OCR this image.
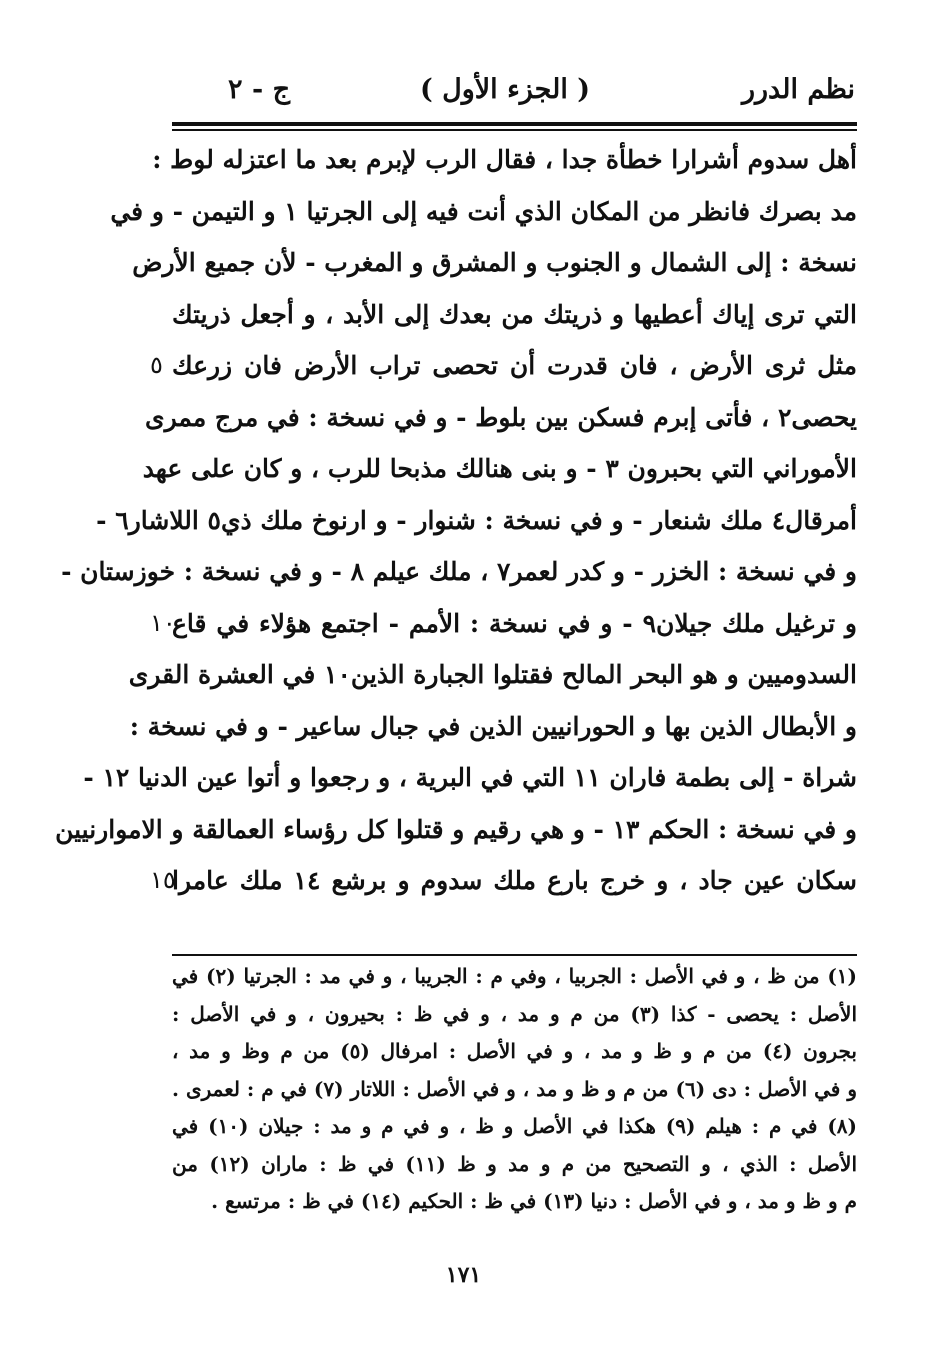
نظم الدرر
( الجزء الأول )
ج - ٢
أهل سدوم أشرارا خطأة جدا ، فقال الرب لإبرم بعد ما اعتزله لوط :
مد بصرك فانظر من المكان الذي أنت فيه إلى الجرتيا ١ و التيمن - و في
نسخة : إلى الشمال و الجنوب و المشرق و المغرب - لأن جميع الأرض
التي ترى إياك أعطيها و ذريتك من بعدك إلى الأبد ، و أجعل ذريتك
مثل ثرى الأرض ، فان قدرت أن تحصى تراب الأرض فان زرعك
٥
يحصى٢ ، فأتى إبرم فسكن بين بلوط - و في نسخة : في مرج ممرى
الأموراني التي بحبرون ٣ - و بنى هنالك مذبحا للرب ، و كان على عهد
أمرقال٤ ملك شنعار - و في نسخة : شنوار - و ارنوخ ملك ذي٥ اللاشار٦ -
و في نسخة : الخزر - و كدر لعمر٧ ، ملك عيلم ٨ - و في نسخة : خوزستان -
و ترغيل ملك جيلان٩ - و في نسخة : الأمم - اجتمع هؤلاء في قاع
١٠
السدوميين و هو البحر المالح فقتلوا الجبارة الذين١٠ في العشرة القرى
و الأبطال الذين بها و الحورانيين الذين في جبال ساعير - و في نسخة :
شراة - إلى بطمة فاران ١١ التي في البرية ، و رجعوا و أتوا عين الدنيا ١٢ -
و في نسخة : الحكم ١٣ - و هي رقيم و قتلوا كل رؤساء العمالقة و الاموارنيين
سكان عين جاد ، و خرج بارع ملك سدوم و برشع ١٤ ملك عامرا
١٥
(١) من ظ ، و في الأصل : الجربيا ، وفي م : الجريبا ، و في مد : الجرتيا (٢) في
الأصل : يحصى - كذا (٣) من م و مد ، و في ظ : بحيرون ، و في الأصل :
بجرون (٤) من م و ظ و مد ، و في الأصل : امرفال (٥) من م وظ و مد ،
و في الأصل : دى (٦) من م و ظ و مد ، و في الأصل : اللاتار (٧) في م : لعمرى .
(٨) في م : هيلم (٩) هكذا في الأصل و ظ ، و في م و مد : جيلان (١٠) في
الأصل : الذي ، و التصحيح من م و مد و ظ (١١) في ظ : ماران (١٢) من
م و ظ و مد ، و في الأصل : دنيا (١٣) في ظ : الحكيم (١٤) في ظ : مرتسع .
١٧١
